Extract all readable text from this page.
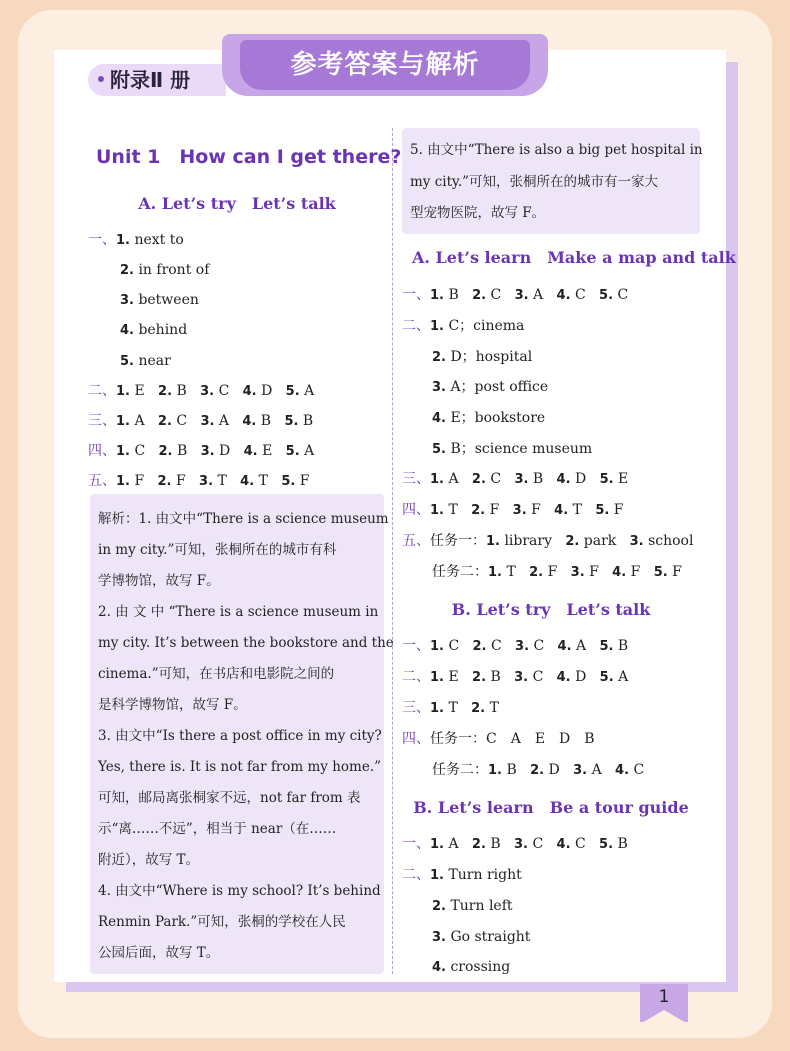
附录Ⅱ 册	参考答案与解析
Unit 1　How can I get there?
A. Let’s try　Let’s talk
一、1. next to
2. in front of
3. between
4. behind
5. near
二、1. E 2. B 3. C 4. D 5. A
三、1. A 2. C 3. A 4. B 5. B
四、1. C 2. B 3. D 4. E 5. A
五、1. F 2. F 3. T 4. T 5. F
解析：1. 由文中“There is a science museum
in my city.”可知，张桐所在的城市有科
学博物馆，故写 F。
2. 由 文 中 “There is a science museum in
my city. It’s between the bookstore and the
cinema.”可知，在书店和电影院之间的
是科学博物馆，故写 F。
3. 由文中“Is there a post office in my city?
Yes, there is. It is not far from my home.”
可知，邮局离张桐家不远，not far from 表
示“离……不远”，相当于 near（在……
附近），故写 T。
4. 由文中“Where is my school? It’s behind
Renmin Park.”可知，张桐的学校在人民
公园后面，故写 T。
5. 由文中“There is also a big pet hospital in
my city.”可知，张桐所在的城市有一家大
型宠物医院，故写 F。
A. Let’s learn　Make a map and talk
一、1. B 2. C 3. A 4. C 5. C
二、1. C；cinema
2. D；hospital
3. A；post office
4. E；bookstore
5. B；science museum
三、1. A 2. C 3. B 4. D 5. E
四、1. T 2. F 3. F 4. T 5. F
五、任务一：1. library 2. park 3. school
任务二：1. T 2. F 3. F 4. F 5. F
B. Let’s try　Let’s talk
一、1. C 2. C 3. C 4. A 5. B
二、1. E 2. B 3. C 4. D 5. A
三、1. T 2. T
四、任务一：C　A　E　D　B
任务二：1. B 2. D 3. A 4. C
B. Let’s learn　Be a tour guide
一、1. A 2. B 3. C 4. C 5. B
二、1. Turn right
2. Turn left
3. Go straight
4. crossing
1
